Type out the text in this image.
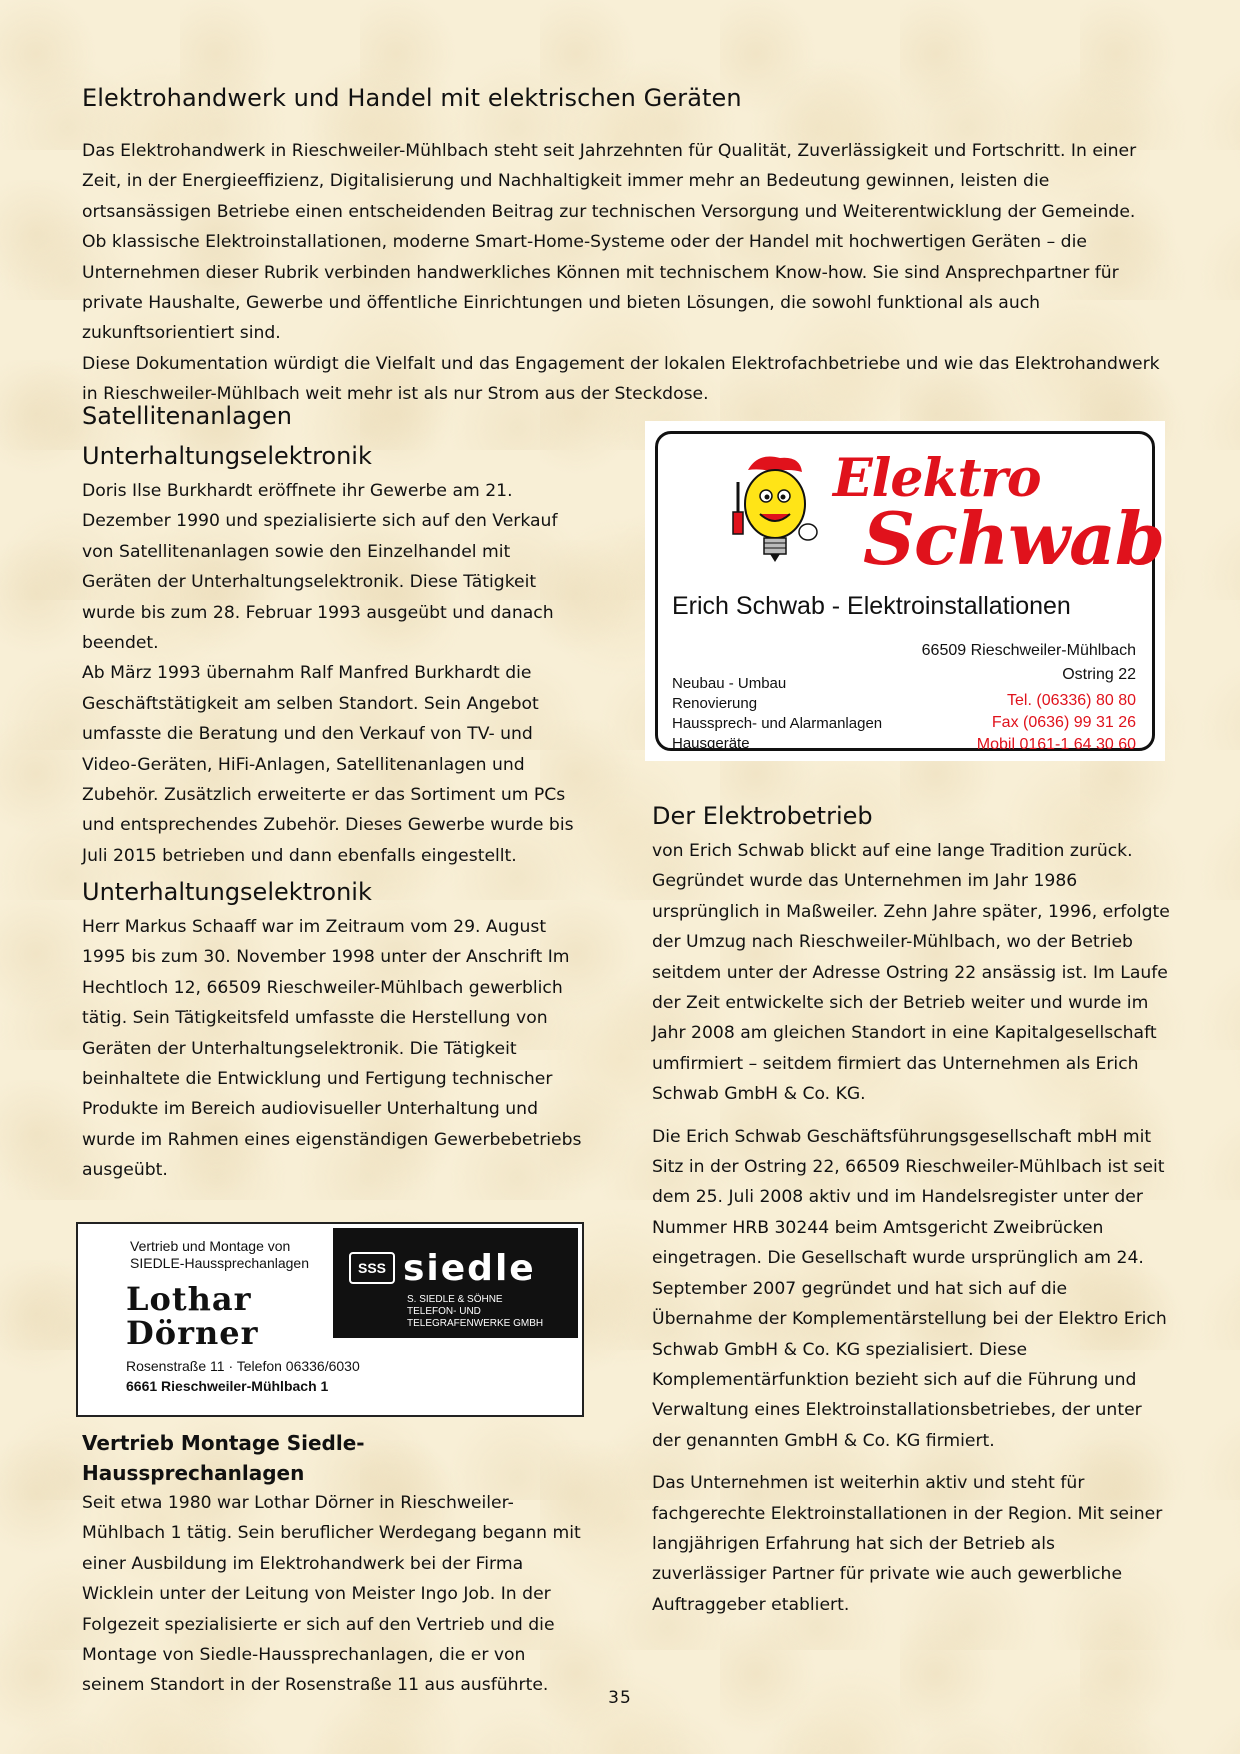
Elektrohandwerk und Handel mit elektrischen Geräten

Das Elektrohandwerk in Rieschweiler-Mühlbach steht seit Jahrzehnten für Qualität, Zuverlässigkeit und Fortschritt. In einer Zeit, in der Energieeffizienz, Digitalisierung und Nachhaltigkeit immer mehr an Bedeutung gewinnen, leisten die ortsansässigen Betriebe einen entscheidenden Beitrag zur technischen Versorgung und Weiterentwicklung der Gemeinde.

Ob klassische Elektroinstallationen, moderne Smart-Home-Systeme oder der Handel mit hochwertigen Geräten – die Unternehmen dieser Rubrik verbinden handwerkliches Können mit technischem Know-how. Sie sind Ansprechpartner für private Haushalte, Gewerbe und öffentliche Einrichtungen und bieten Lösungen, die sowohl funktional als auch zukunftsorientiert sind.

Diese Dokumentation würdigt die Vielfalt und das Engagement der lokalen Elektrofachbetriebe und wie das Elektrohandwerk in Rieschweiler-Mühlbach weit mehr ist als nur Strom aus der Steckdose.

Satellitenanlagen
Unterhaltungselektronik

Doris Ilse Burkhardt eröffnete ihr Gewerbe am 21. Dezember 1990 und spezialisierte sich auf den Verkauf von Satellitenanlagen sowie den Einzelhandel mit Geräten der Unterhaltungselektronik. Diese Tätigkeit wurde bis zum 28. Februar 1993 ausgeübt und danach beendet.

Ab März 1993 übernahm Ralf Manfred Burkhardt die Geschäftstätigkeit am selben Standort. Sein Angebot umfasste die Beratung und den Verkauf von TV- und Video-Geräten, HiFi-Anlagen, Satellitenanlagen und Zubehör. Zusätzlich erweiterte er das Sortiment um PCs und entsprechendes Zubehör. Dieses Gewerbe wurde bis Juli 2015 betrieben und dann ebenfalls eingestellt.

Unterhaltungselektronik

Herr Markus Schaaff war im Zeitraum vom 29. August 1995 bis zum 30. November 1998 unter der Anschrift Im Hechtloch 12, 66509 Rieschweiler-Mühlbach gewerblich tätig. Sein Tätigkeitsfeld umfasste die Herstellung von Geräten der Unterhaltungselektronik. Die Tätigkeit beinhaltete die Entwicklung und Fertigung technischer Produkte im Bereich audiovisueller Unterhaltung und wurde im Rahmen eines eigenständigen Gewerbebetriebs ausgeübt.

Vertrieb und Montage von
SIEDLE-Haussprechanlagen
Lothar
Dörner
SSS siedle
S. SIEDLE & SÖHNE
TELEFON- UND
TELEGRAFENWERKE GMBH
Rosenstraße 11 · Telefon 06336/6030
6661 Rieschweiler-Mühlbach 1
Vertrieb Montage Siedle-Haussprechanlagen

Seit etwa 1980 war Lothar Dörner in Rieschweiler-Mühlbach 1 tätig. Sein beruflicher Werdegang begann mit einer Ausbildung im Elektrohandwerk bei der Firma Wicklein unter der Leitung von Meister Ingo Job. In der Folgezeit spezialisierte er sich auf den Vertrieb und die Montage von Siedle-Haussprechanlagen, die er von seinem Standort in der Rosenstraße 11 aus ausführte.

Elektro
Schwab
Erich Schwab - Elektroinstallationen
66509 Rieschweiler-Mühlbach
Ostring 22
Neubau - Umbau
Renovierung
Haussprech- und Alarmanlagen
Hausgeräte
Tel. (06336) 80 80
Fax (0636) 99 31 26
Mobil 0161-1 64 30 60
Der Elektrobetrieb

von Erich Schwab blickt auf eine lange Tradition zurück. Gegründet wurde das Unternehmen im Jahr 1986 ursprünglich in Maßweiler. Zehn Jahre später, 1996, erfolgte der Umzug nach Rieschweiler-Mühlbach, wo der Betrieb seitdem unter der Adresse Ostring 22 ansässig ist. Im Laufe der Zeit entwickelte sich der Betrieb weiter und wurde im Jahr 2008 am gleichen Standort in eine Kapitalgesellschaft umfirmiert – seitdem firmiert das Unternehmen als Erich Schwab GmbH & Co. KG.

Die Erich Schwab Geschäftsführungsgesellschaft mbH mit Sitz in der Ostring 22, 66509 Rieschweiler-Mühlbach ist seit dem 25. Juli 2008 aktiv und im Handelsregister unter der Nummer HRB 30244 beim Amtsgericht Zweibrücken eingetragen. Die Gesellschaft wurde ursprünglich am 24. September 2007 gegründet und hat sich auf die Übernahme der Komplementärstellung bei der Elektro Erich Schwab GmbH & Co. KG spezialisiert. Diese Komplementärfunktion bezieht sich auf die Führung und Verwaltung eines Elektroinstallationsbetriebes, der unter der genannten GmbH & Co. KG firmiert.

Das Unternehmen ist weiterhin aktiv und steht für fachgerechte Elektroinstallationen in der Region. Mit seiner langjährigen Erfahrung hat sich der Betrieb als zuverlässiger Partner für private wie auch gewerbliche Auftraggeber etabliert.

35
